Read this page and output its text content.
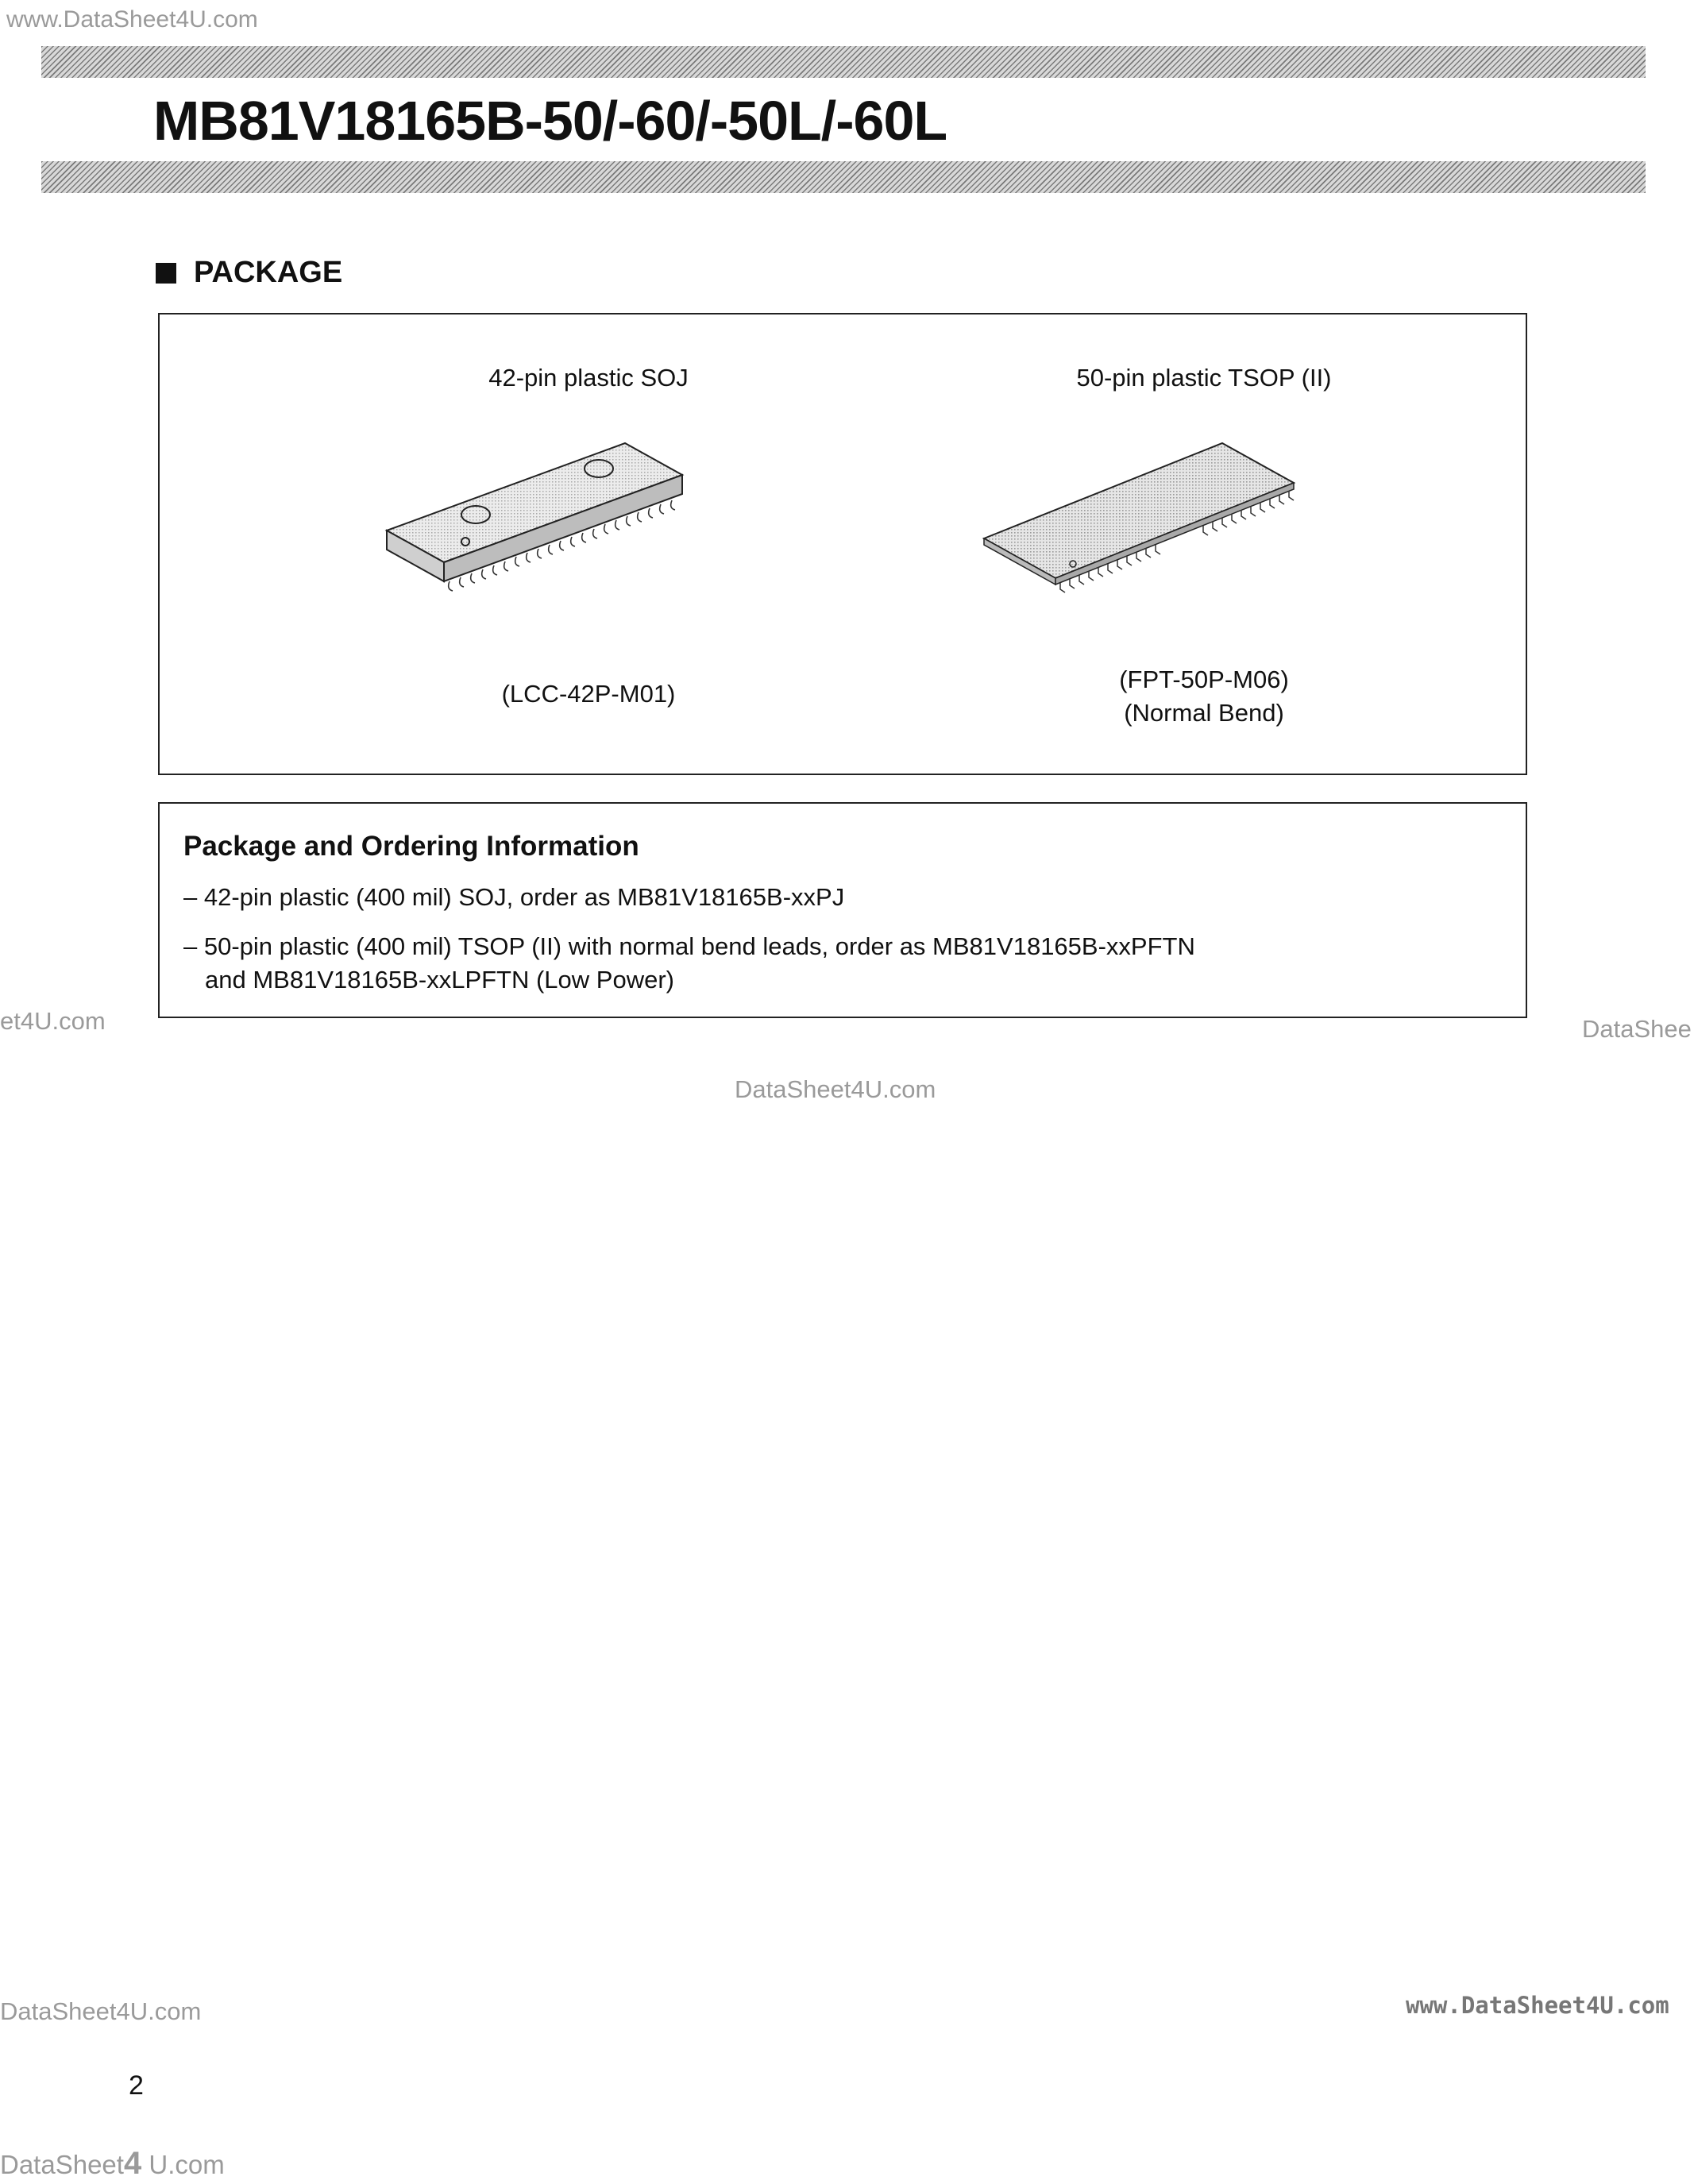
www.DataSheet4U.com
et4U.com	DataShee
DataSheet4U.com
DataSheet4U.com	www.DataSheet4U.com
DataSheet4 U.com
MB81V18165B-50/-60/-50L/-60L
PACKAGE
42-pin plastic SOJ	50-pin plastic TSOP (II)
(LCC-42P-M01)
(FPT-50P-M06)
(Normal Bend)
Package and Ordering Information
– 42-pin plastic (400 mil) SOJ, order as MB81V18165B-xxPJ
– 50-pin plastic (400 mil) TSOP (II) with normal bend leads, order as MB81V18165B-xxPFTN
and MB81V18165B-xxLPFTN (Low Power)
2
